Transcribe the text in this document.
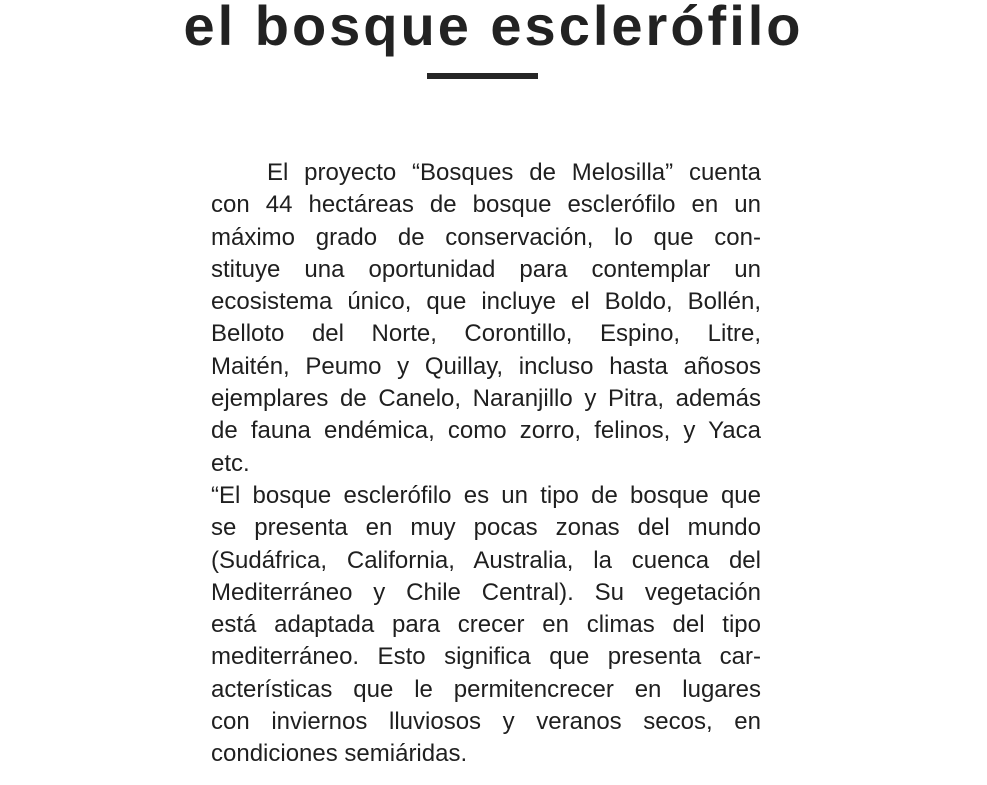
el bosque esclerófilo
El proyecto “Bosques de Melosilla” cuenta
con 44 hectáreas de bosque esclerófilo en un
máximo grado de conservación, lo que con-
stituye una oportunidad para contemplar un
ecosistema único, que incluye el Boldo, Bollén,
Belloto del Norte, Corontillo, Espino, Litre,
Maitén, Peumo y Quillay, incluso hasta añosos
ejemplares de Canelo, Naranjillo y Pitra, además
de fauna endémica, como zorro, felinos, y Yaca
etc.
“El bosque esclerófilo es un tipo de bosque que
se presenta en muy pocas zonas del mundo
(Sudáfrica, California, Australia, la cuenca del
Mediterráneo y Chile Central). Su vegetación
está adaptada para crecer en climas del tipo
mediterráneo. Esto significa que presenta car-
acterísticas que le permitencrecer en lugares
con inviernos lluviosos y veranos secos, en
condiciones semiáridas.
